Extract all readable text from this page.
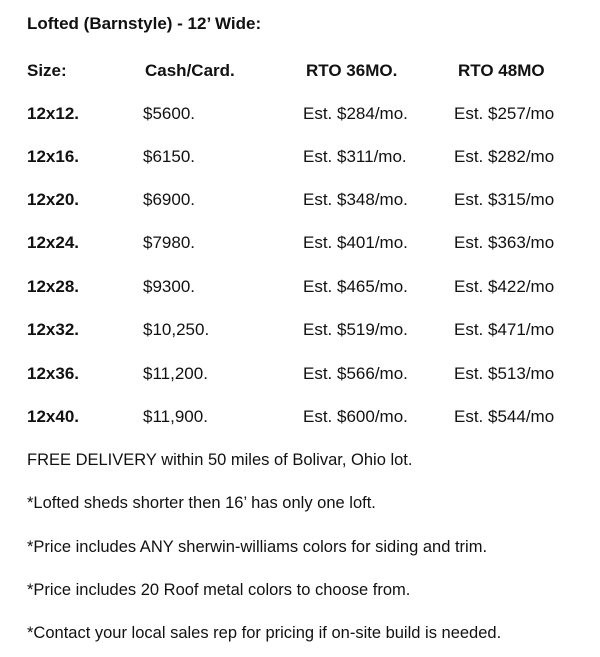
Lofted (Barnstyle) - 12’ Wide:
Size:	Cash/Card.	RTO 36MO.	RTO 48MO
12x12.	$5600.	Est. $284/mo.	Est. $257/mo
12x16.	$6150.	Est. $311/mo.	Est. $282/mo
12x20.	$6900.	Est. $348/mo.	Est. $315/mo
12x24.	$7980.	Est. $401/mo.	Est. $363/mo
12x28.	$9300.	Est. $465/mo.	Est. $422/mo
12x32.	$10,250.	Est. $519/mo.	Est. $471/mo
12x36.	$11,200.	Est. $566/mo.	Est. $513/mo
12x40.	$11,900.	Est. $600/mo.	Est. $544/mo
FREE DELIVERY within 50 miles of Bolivar, Ohio lot.
*Lofted sheds shorter then 16’ has only one loft.
*Price includes ANY sherwin-williams colors for siding and trim.
*Price includes 20 Roof metal colors to choose from.
*Contact your local sales rep for pricing if on-site build is needed.
